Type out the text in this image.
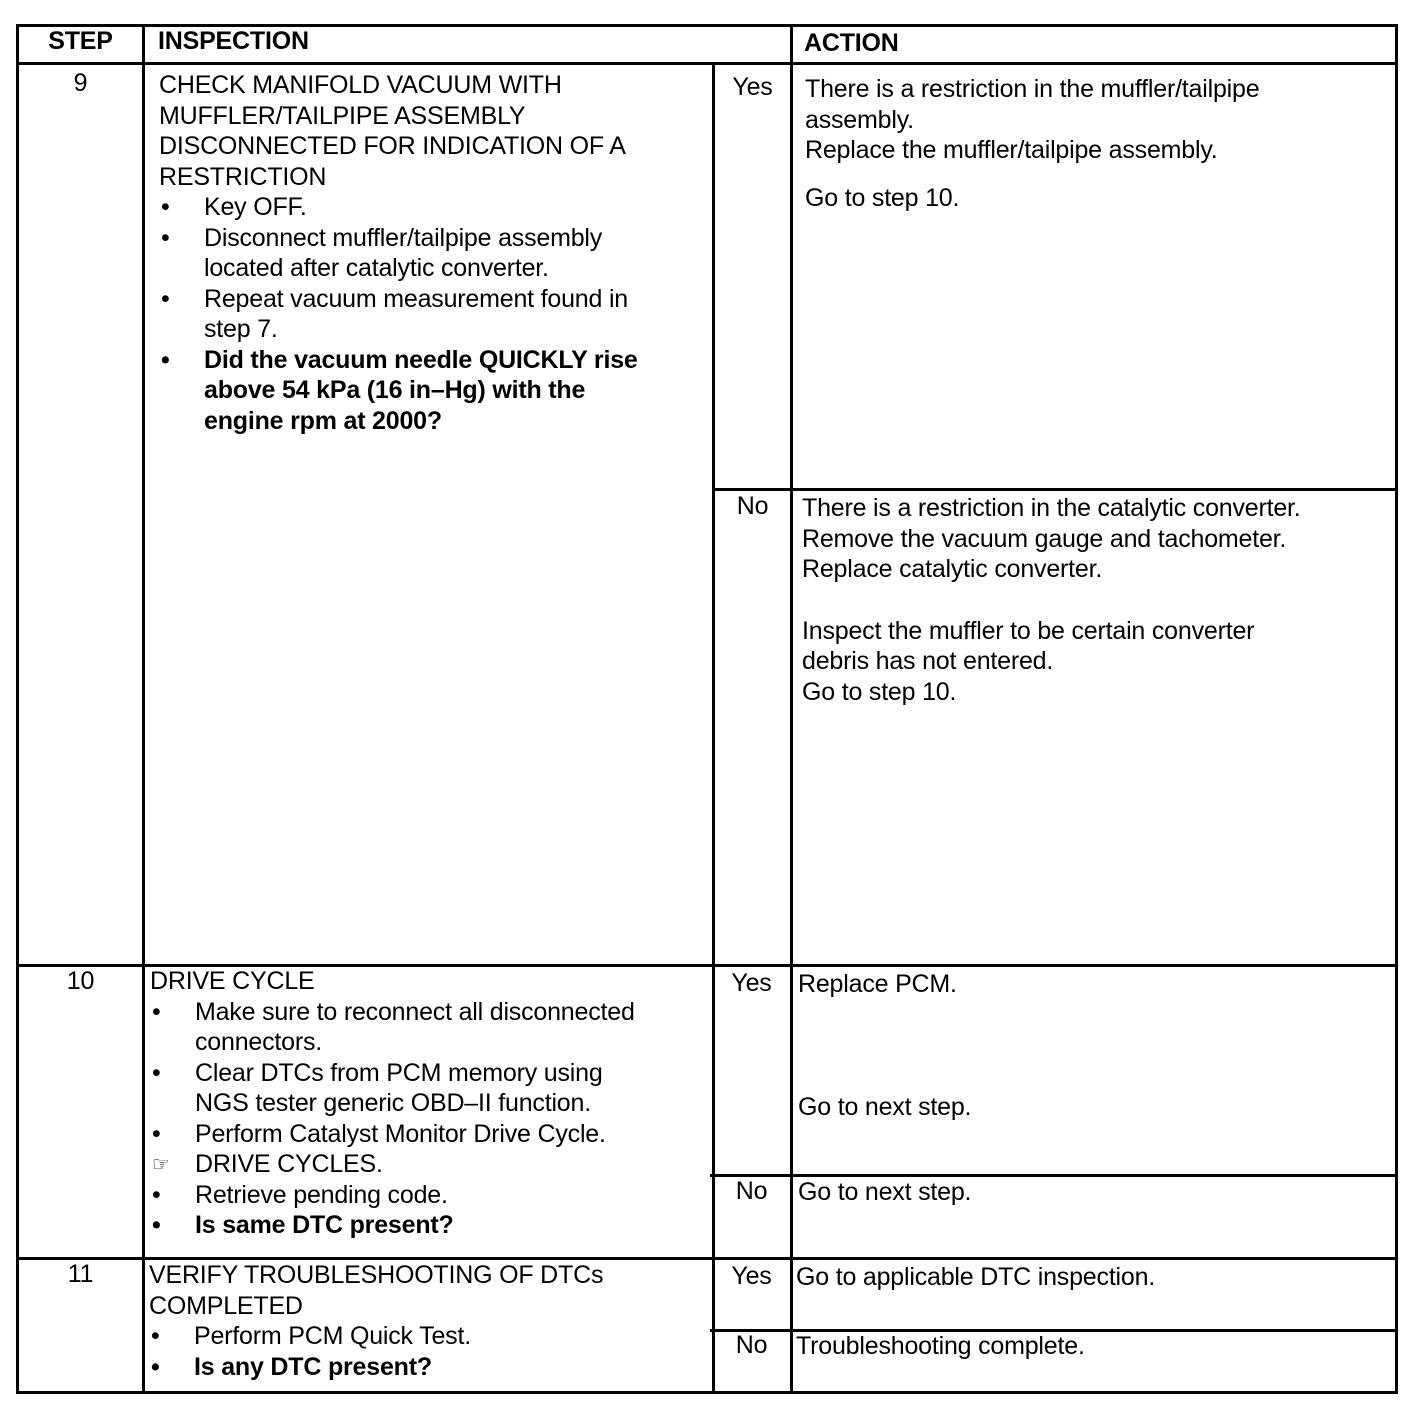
STEP	INSPECTION	ACTION
9	CHECK MANIFOLD VACUUM WITH
MUFFLER/TAILPIPE ASSEMBLY
DISCONNECTED FOR INDICATION OF A
RESTRICTION
• Key OFF.
• Disconnect muffler/tailpipe assembly
located after catalytic converter.
• Repeat vacuum measurement found in
step 7.
• Did the vacuum needle QUICKLY rise
above 54 kPa (16 in–Hg) with the
engine rpm at 2000?
Yes	There is a restriction in the muffler/tailpipe
assembly.
Replace the muffler/tailpipe assembly.
Go to step 10.
No	There is a restriction in the catalytic converter.
Remove the vacuum gauge and tachometer.
Replace catalytic converter.
Inspect the muffler to be certain converter
debris has not entered.
Go to step 10.
10	DRIVE CYCLE
• Make sure to reconnect all disconnected
connectors.
• Clear DTCs from PCM memory using
NGS tester generic OBD–II function.
• Perform Catalyst Monitor Drive Cycle.
☞ DRIVE CYCLES.
• Retrieve pending code.
• Is same DTC present?
Yes	Replace PCM.
Go to next step.
No	Go to next step.
11	VERIFY TROUBLESHOOTING OF DTCs
COMPLETED
• Perform PCM Quick Test.
• Is any DTC present?
Yes Go to applicable DTC inspection.
No	Troubleshooting complete.
